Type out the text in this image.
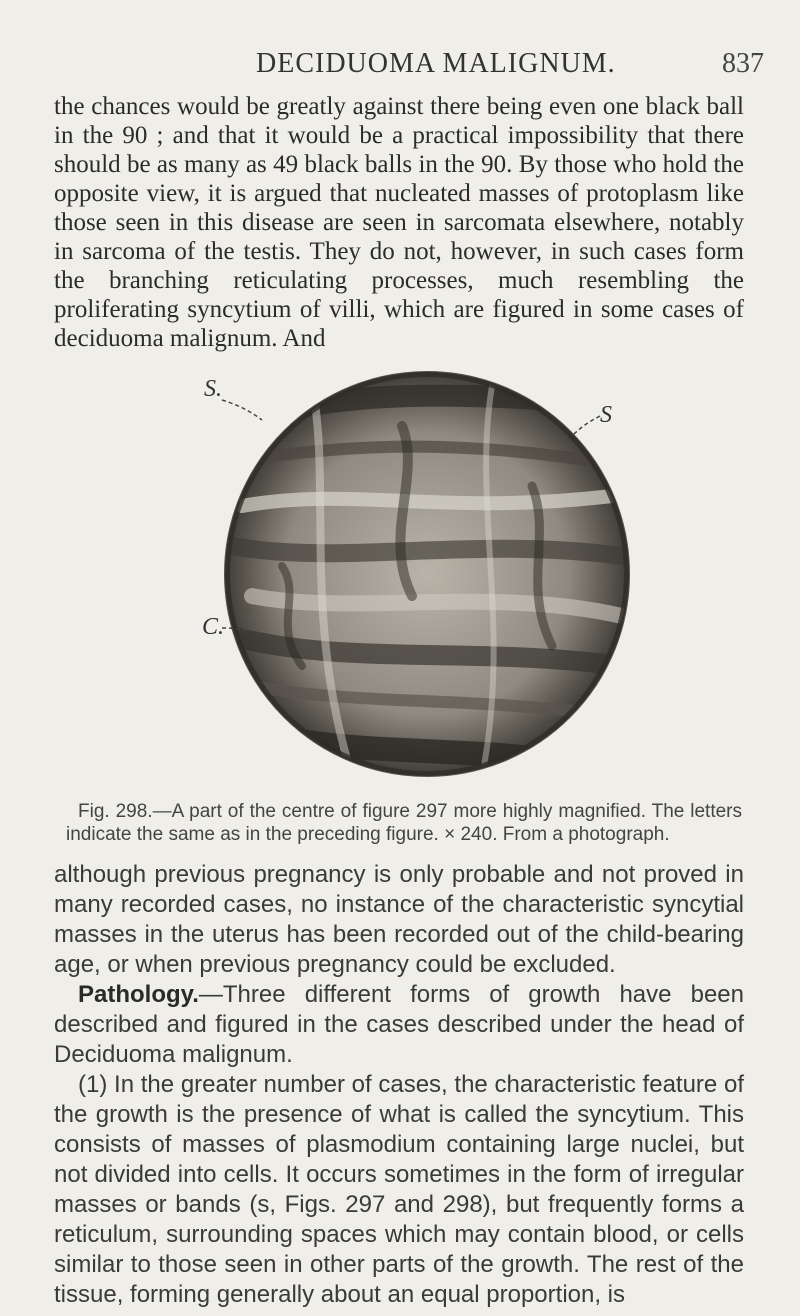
DECIDUOMA MALIGNUM.	837

the chances would be greatly against there being even one black ball in the 90 ; and that it would be a practical impossibility that there should be as many as 49 black balls in the 90. By those who hold the opposite view, it is argued that nucleated masses of protoplasm like those seen in this disease are seen in sarcomata elsewhere, notably in sarcoma of the testis. They do not, however, in such cases form the branching reticulating processes, much resembling the proliferating syncytium of villi, which are figured in some cases of deciduoma malignum. And

S.
S
C.

Fig. 298.—A part of the centre of figure 297 more highly magnified. The letters indicate the same as in the preceding figure. × 240. From a photograph.

although previous pregnancy is only probable and not proved in many recorded cases, no instance of the characteristic syncytial masses in the uterus has been recorded out of the child-bearing age, or when previous pregnancy could be excluded.

Pathology.—Three different forms of growth have been described and figured in the cases described under the head of Deciduoma malignum.

(1) In the greater number of cases, the characteristic feature of the growth is the presence of what is called the syncytium. This consists of masses of plasmodium containing large nuclei, but not divided into cells. It occurs sometimes in the form of irregular masses or bands (s, Figs. 297 and 298), but frequently forms a reticulum, surrounding spaces which may contain blood, or cells similar to those seen in other parts of the growth. The rest of the tissue, forming generally about an equal proportion, is
